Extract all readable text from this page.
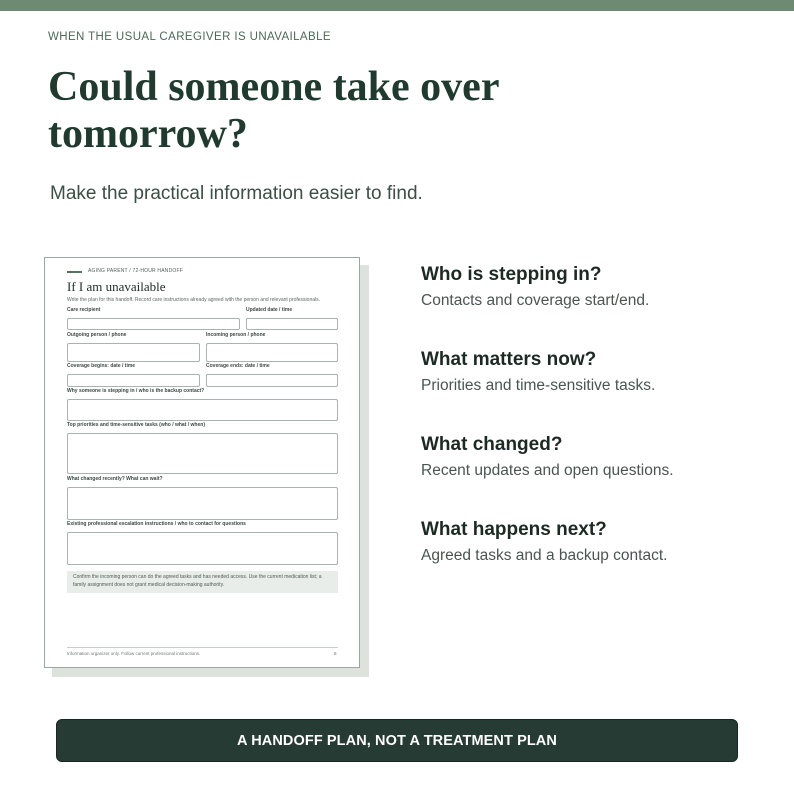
WHEN THE USUAL CAREGIVER IS UNAVAILABLE
Could someone take over tomorrow?
Make the practical information easier to find.
AGING PARENT / 72-HOUR HANDOFF
If I am unavailable
Write the plan for this handoff. Record care instructions already agreed with the person and relevant professionals.
Care recipient	Updated date / time
Outgoing person / phone	Incoming person / phone
Coverage begins: date / time	Coverage ends: date / time
Why someone is stepping in / who is the backup contact?
Top priorities and time-sensitive tasks (who / what / when)
What changed recently? What can wait?
Existing professional escalation instructions / who to contact for questions
Confirm the incoming person can do the agreed tasks and has needed access. Use the current medication list; a family assignment does not grant medical decision-making authority.
Information organizer only. Follow current professional instructions.	8
Who is stepping in?
Contacts and coverage start/end.
What matters now?
Priorities and time-sensitive tasks.
What changed?
Recent updates and open questions.
What happens next?
Agreed tasks and a backup contact.
A HANDOFF PLAN, NOT A TREATMENT PLAN
